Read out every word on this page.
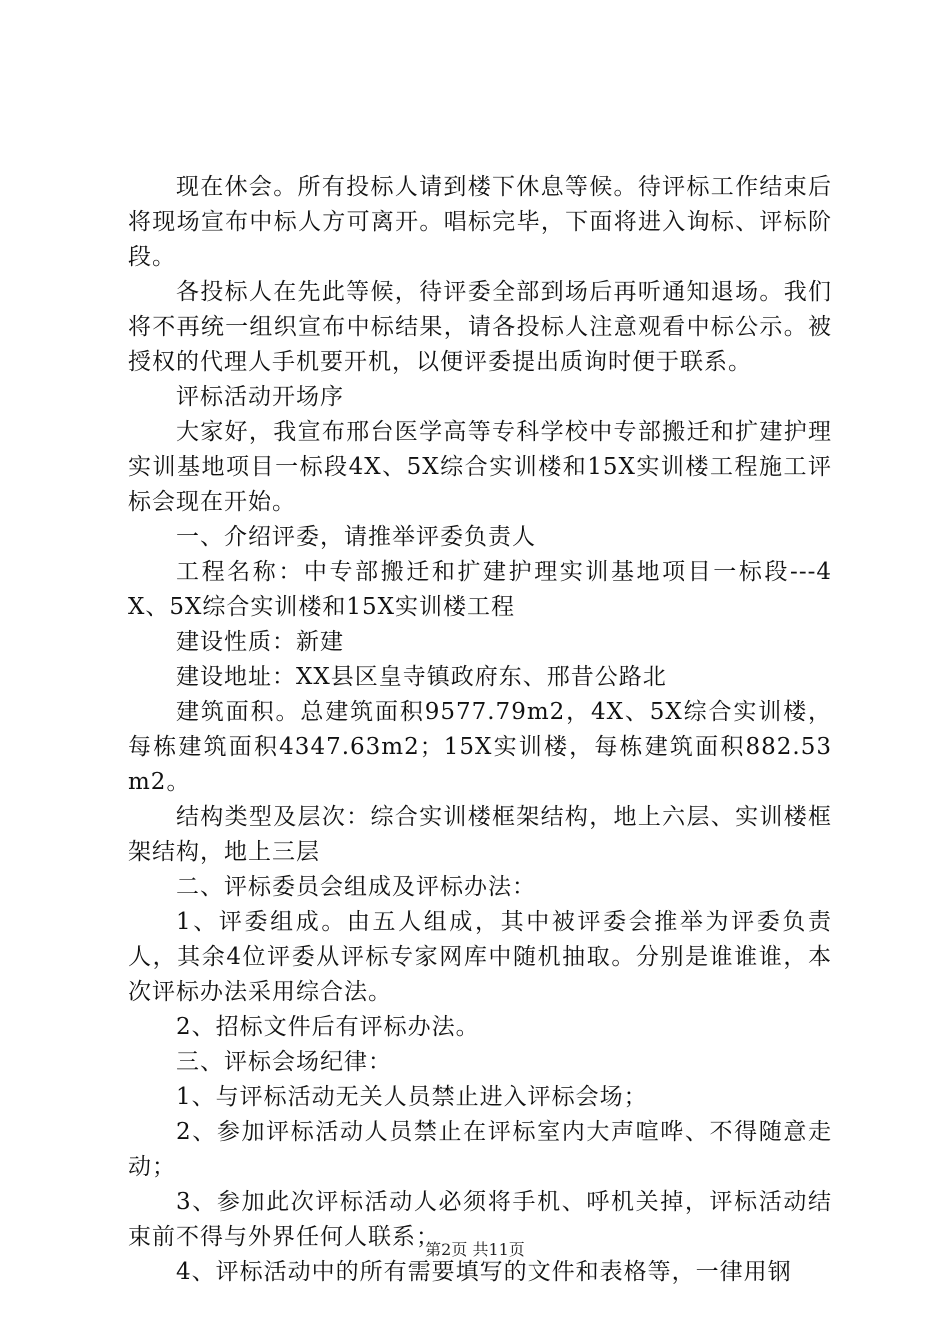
现在休会。所有投标人请到楼下休息等候。待评标工作结束后将现场宣布中标人方可离开。唱标完毕，下面将进入询标、评标阶段。

各投标人在先此等候，待评委全部到场后再听通知退场。我们将不再统一组织宣布中标结果，请各投标人注意观看中标公示。被授权的代理人手机要开机，以便评委提出质询时便于联系。

评标活动开场序

大家好，我宣布邢台医学高等专科学校中专部搬迁和扩建护理实训基地项目一标段4X、5X综合实训楼和15X实训楼工程施工评标会现在开始。

一、介绍评委，请推举评委负责人

工程名称：中专部搬迁和扩建护理实训基地项目一标段---4X、5X综合实训楼和15X实训楼工程

建设性质：新建

建设地址：XX县区皇寺镇政府东、邢昔公路北

建筑面积。总建筑面积9577.79m2，4X、5X综合实训楼，每栋建筑面积4347.63m2；15X实训楼，每栋建筑面积882.53m2。

结构类型及层次：综合实训楼框架结构，地上六层、实训楼框架结构，地上三层

二、评标委员会组成及评标办法：

1、评委组成。由五人组成，其中被评委会推举为评委负责人，其余4位评委从评标专家网库中随机抽取。分别是谁谁谁，本次评标办法采用综合法。

2、招标文件后有评标办法。

三、评标会场纪律：

1、与评标活动无关人员禁止进入评标会场；

2、参加评标活动人员禁止在评标室内大声喧哗、不得随意走动；

3、参加此次评标活动人必须将手机、呼机关掉，评标活动结束前不得与外界任何人联系；

4、评标活动中的所有需要填写的文件和表格等，一律用钢

第2页 共11页
